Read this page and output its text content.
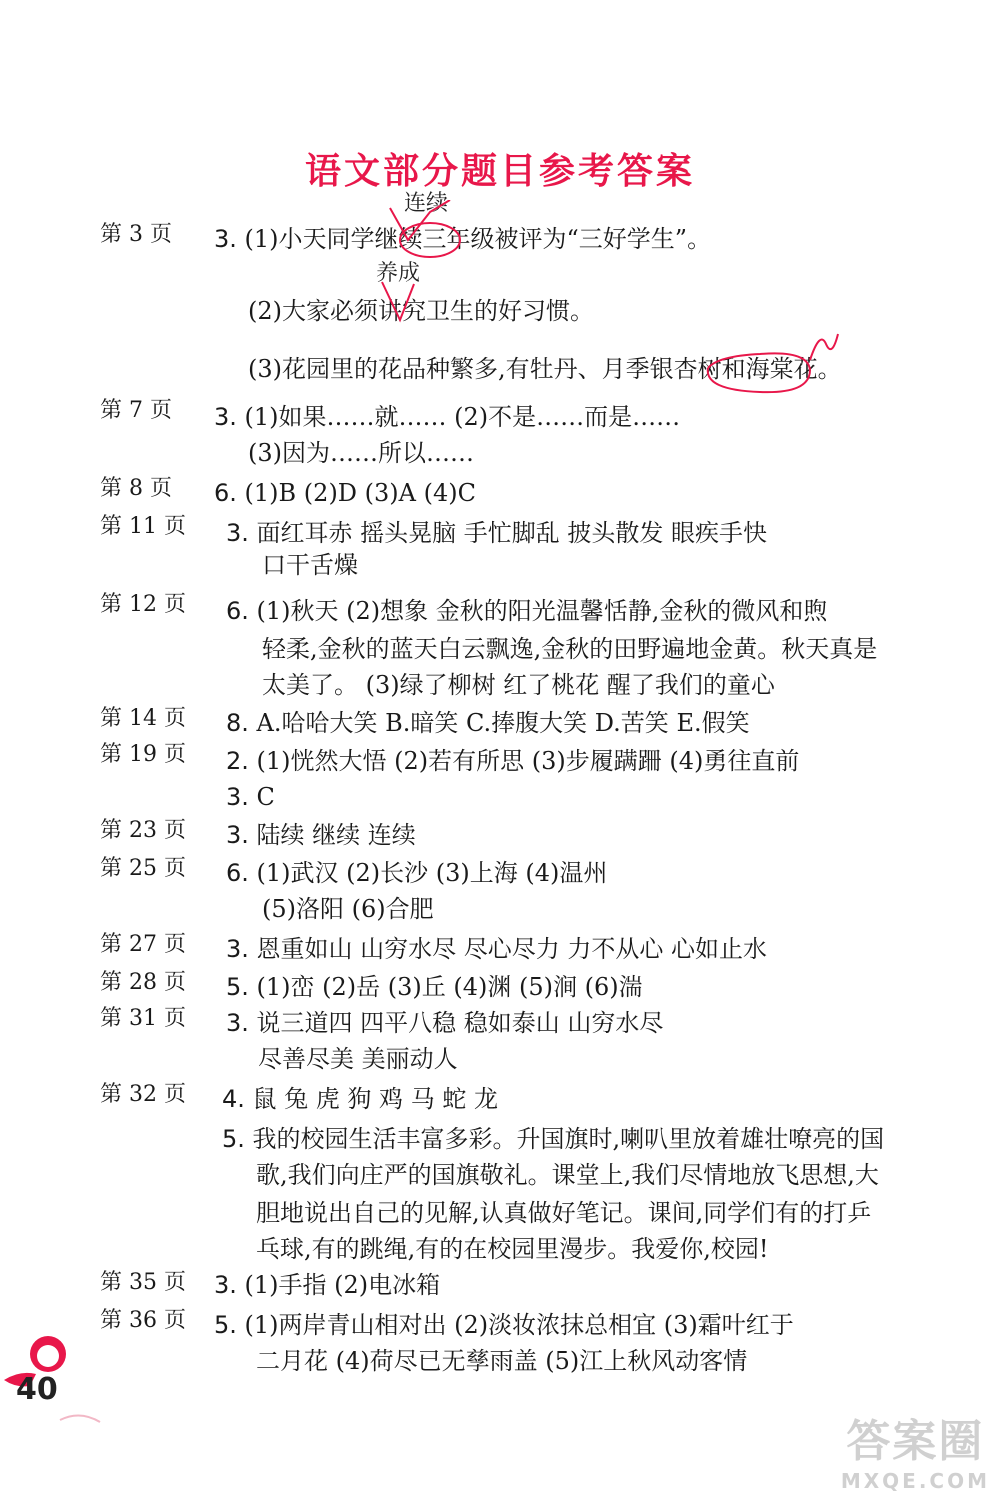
语文部分题目参考答案
第 3 页
连续
3. (1)小天同学继续三年级被评为“三好学生”。
养成
(2)大家必须讲究卫生的好习惯。
(3)花园里的花品种繁多,有牡丹、月季银杏树和海棠花。
第 7 页 3. (1)如果……就…… (2)不是……而是……
(3)因为……所以……
第 8 页 6. (1)B (2)D (3)A (4)C
第 11 页 3. 面红耳赤 摇头晃脑 手忙脚乱 披头散发 眼疾手快
口干舌燥
第 12 页 6. (1)秋天 (2)想象 金秋的阳光温馨恬静,金秋的微风和煦
轻柔,金秋的蓝天白云飘逸,金秋的田野遍地金黄。秋天真是
太美了。 (3)绿了柳树 红了桃花 醒了我们的童心
第 14 页 8. A.哈哈大笑 B.暗笑 C.捧腹大笑 D.苦笑 E.假笑
第 19 页 2. (1)恍然大悟 (2)若有所思 (3)步履蹒跚 (4)勇往直前
3. C
第 23 页 3. 陆续 继续 连续
第 25 页 6. (1)武汉 (2)长沙 (3)上海 (4)温州
(5)洛阳 (6)合肥
第 27 页 3. 恩重如山 山穷水尽 尽心尽力 力不从心 心如止水
第 28 页 5. (1)峦 (2)岳 (3)丘 (4)渊 (5)涧 (6)湍
第 31 页 3. 说三道四 四平八稳 稳如泰山 山穷水尽
尽善尽美 美丽动人
第 32 页 4. 鼠 兔 虎 狗 鸡 马 蛇 龙
5. 我的校园生活丰富多彩。升国旗时,喇叭里放着雄壮嘹亮的国
歌,我们向庄严的国旗敬礼。课堂上,我们尽情地放飞思想,大
胆地说出自己的见解,认真做好笔记。课间,同学们有的打乒
乓球,有的跳绳,有的在校园里漫步。我爱你,校园!
第 35 页 3. (1)手指 (2)电冰箱
第 36 页 5. (1)两岸青山相对出 (2)淡妆浓抹总相宜 (3)霜叶红于
二月花 (4)荷尽已无孳雨盖 (5)江上秋风动客情
40
答案圈
MXQE.COM
